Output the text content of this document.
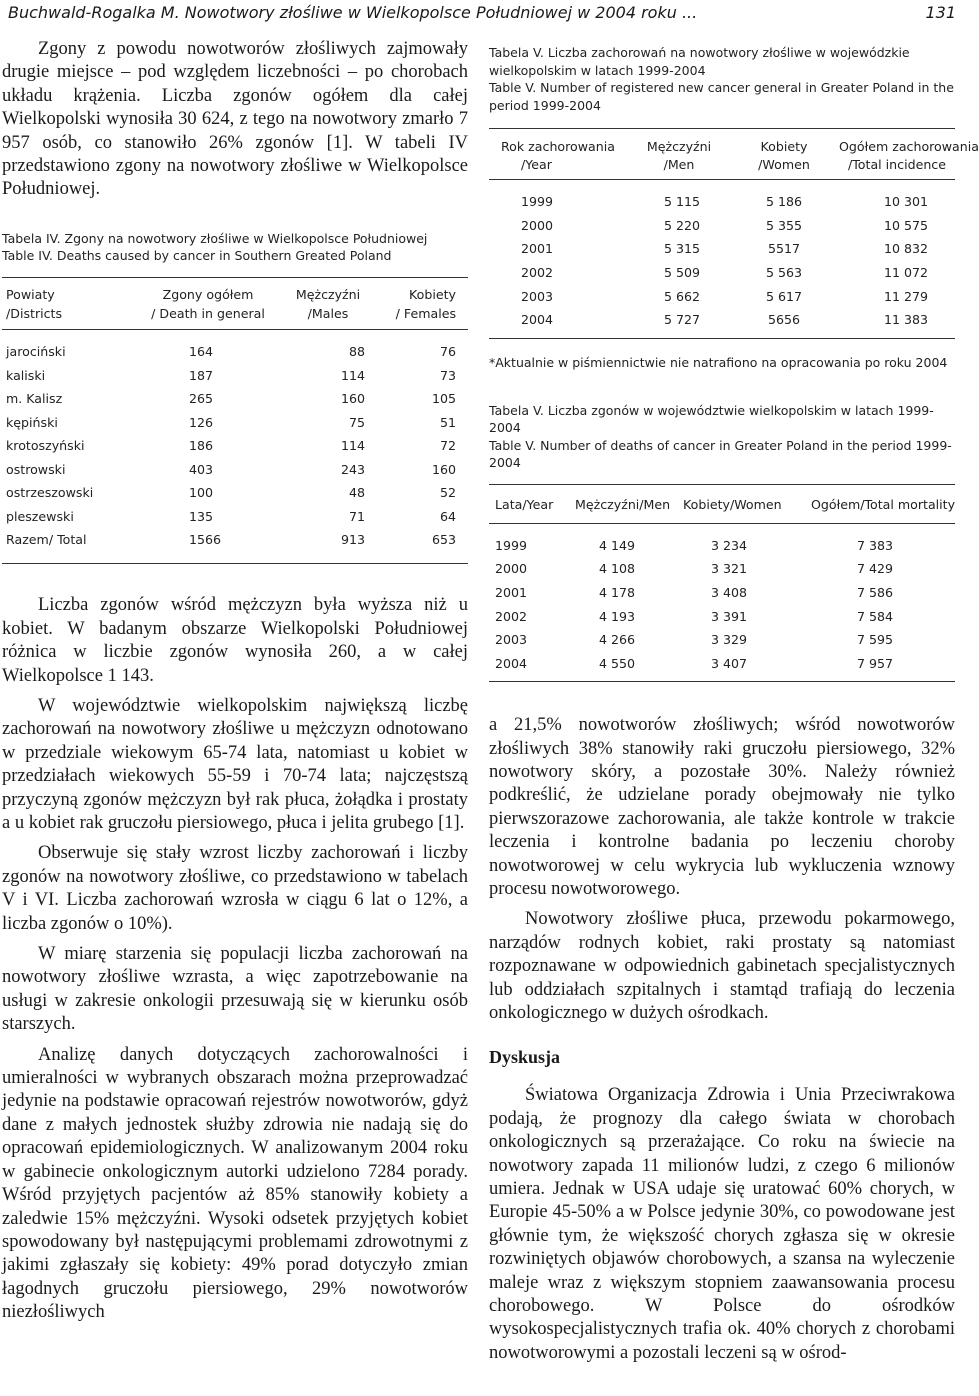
Buchwald-Rogalka M. Nowotwory złośliwe w Wielkopolsce Południowej w 2004 roku ...	131

Zgony z powodu nowotworów złośliwych zajmowały drugie miejsce – pod względem liczebności – po chorobach układu krążenia. Liczba zgonów ogółem dla całej Wielkopolski wynosiła 30 624, z tego na nowotwory zmarło 7 957 osób, co stanowiło 26% zgonów [1]. W tabeli IV przedstawiono zgony na nowotwory złośliwe w Wielkopolsce Południowej.

Tabela IV. Zgony na nowotwory złośliwe w Wielkopolsce Południowej
Table IV. Deaths caused by cancer in Southern Greated Poland
Powiaty	Zgony ogółem	Mężczyźni	Kobiety
/Districts	/ Death in general	/Males	/ Females
jarociński	164	88	76
kaliski	187	114	73
m. Kalisz	265	160	105
kępiński	126	75	51
krotoszyński	186	114	72
ostrowski	403	243	160
ostrzeszowski	100	48	52
pleszewski	135	71	64
Razem/ Total	1566	913	653

Liczba zgonów wśród mężczyzn była wyższa niż u kobiet. W badanym obszarze Wielkopolski Południowej różnica w liczbie zgonów wynosiła 260, a w całej Wielkopolsce 1 143.

W województwie wielkopolskim największą liczbę zachorowań na nowotwory złośliwe u mężczyzn odnotowano w przedziale wiekowym 65-74 lata, natomiast u kobiet w przedziałach wiekowych 55-59 i 70-74 lata; najczęstszą przyczyną zgonów mężczyzn był rak płuca, żołądka i prostaty a u kobiet rak gruczołu piersiowego, płuca i jelita grubego [1].

Obserwuje się stały wzrost liczby zachorowań i liczby zgonów na nowotwory złośliwe, co przedstawiono w tabelach V i VI. Liczba zachorowań wzrosła w ciągu 6 lat o 12%, a liczba zgonów o 10%).

W miarę starzenia się populacji liczba zachorowań na nowotwory złośliwe wzrasta, a więc zapotrzebowanie na usługi w zakresie onkologii przesuwają się w kierunku osób starszych.

Analizę danych dotyczących zachorowalności i umieralności w wybranych obszarach można przeprowadzać jedynie na podstawie opracowań rejestrów nowotworów, gdyż dane z małych jednostek służby zdrowia nie nadają się do opracowań epidemiologicznych. W analizowanym 2004 roku w gabinecie onkologicznym autorki udzielono 7284 porady. Wśród przyjętych pacjentów aż 85% stanowiły kobiety a zaledwie 15% mężczyźni. Wysoki odsetek przyjętych kobiet spowodowany był następującymi problemami zdrowotnymi z jakimi zgłaszały się kobiety: 49% porad dotyczyło zmian łagodnych gruczołu piersiowego, 29% nowotworów niezłośliwych

Tabela V. Liczba zachorowań na nowotwory złośliwe w wojewódzkie wielkopolskim w latach 1999-2004
Table V. Number of registered new cancer general in Greater Poland in the period 1999-2004
Rok zachorowania	Mężczyźni	Kobiety	Ogółem zachorowania
/Year	/Men	/Women	/Total incidence
1999	5 115	5 186	10 301
2000	5 220	5 355	10 575
2001	5 315	5517	10 832
2002	5 509	5 563	11 072
2003	5 662	5 617	11 279
2004	5 727	5656	11 383
*Aktualnie w piśmiennictwie nie natrafiono na opracowania po roku 2004
Tabela V. Liczba zgonów w województwie wielkopolskim w latach 1999-2004
Table V. Number of deaths of cancer in Greater Poland in the period 1999-2004
Lata/Year	Mężczyźni/Men	Kobiety/Women	Ogółem/Total mortality
1999	4 149	3 234	7 383
2000	4 108	3 321	7 429
2001	4 178	3 408	7 586
2002	4 193	3 391	7 584
2003	4 266	3 329	7 595
2004	4 550	3 407	7 957

a 21,5% nowotworów złośliwych; wśród nowotworów złośliwych 38% stanowiły raki gruczołu piersiowego, 32% nowotwory skóry, a pozostałe 30%. Należy również podkreślić, że udzielane porady obejmowały nie tylko pierwszorazowe zachorowania, ale także kontrole w trakcie leczenia i kontrolne badania po leczeniu choroby nowotworowej w celu wykrycia lub wykluczenia wznowy procesu nowotworowego.

Nowotwory złośliwe płuca, przewodu pokarmowego, narządów rodnych kobiet, raki prostaty są natomiast rozpoznawane w odpowiednich gabinetach specjalistycznych lub oddziałach szpitalnych i stamtąd trafiają do leczenia onkologicznego w dużych ośrodkach.

Dyskusja

Światowa Organizacja Zdrowia i Unia Przeciwrakowa podają, że prognozy dla całego świata w chorobach onkologicznych są przerażające. Co roku na świecie na nowotwory zapada 11 milionów ludzi, z czego 6 milionów umiera. Jednak w USA udaje się uratować 60% chorych, w Europie 45-50% a w Polsce jedynie 30%, co powodowane jest głównie tym, że większość chorych zgłasza się w okresie rozwiniętych objawów chorobowych, a szansa na wyleczenie maleje wraz z większym stopniem zaawansowania procesu chorobowego. W Polsce do ośrodków wysokospecjalistycznych trafia ok. 40% chorych z chorobami nowotworowymi a pozostali leczeni są w ośrod-
